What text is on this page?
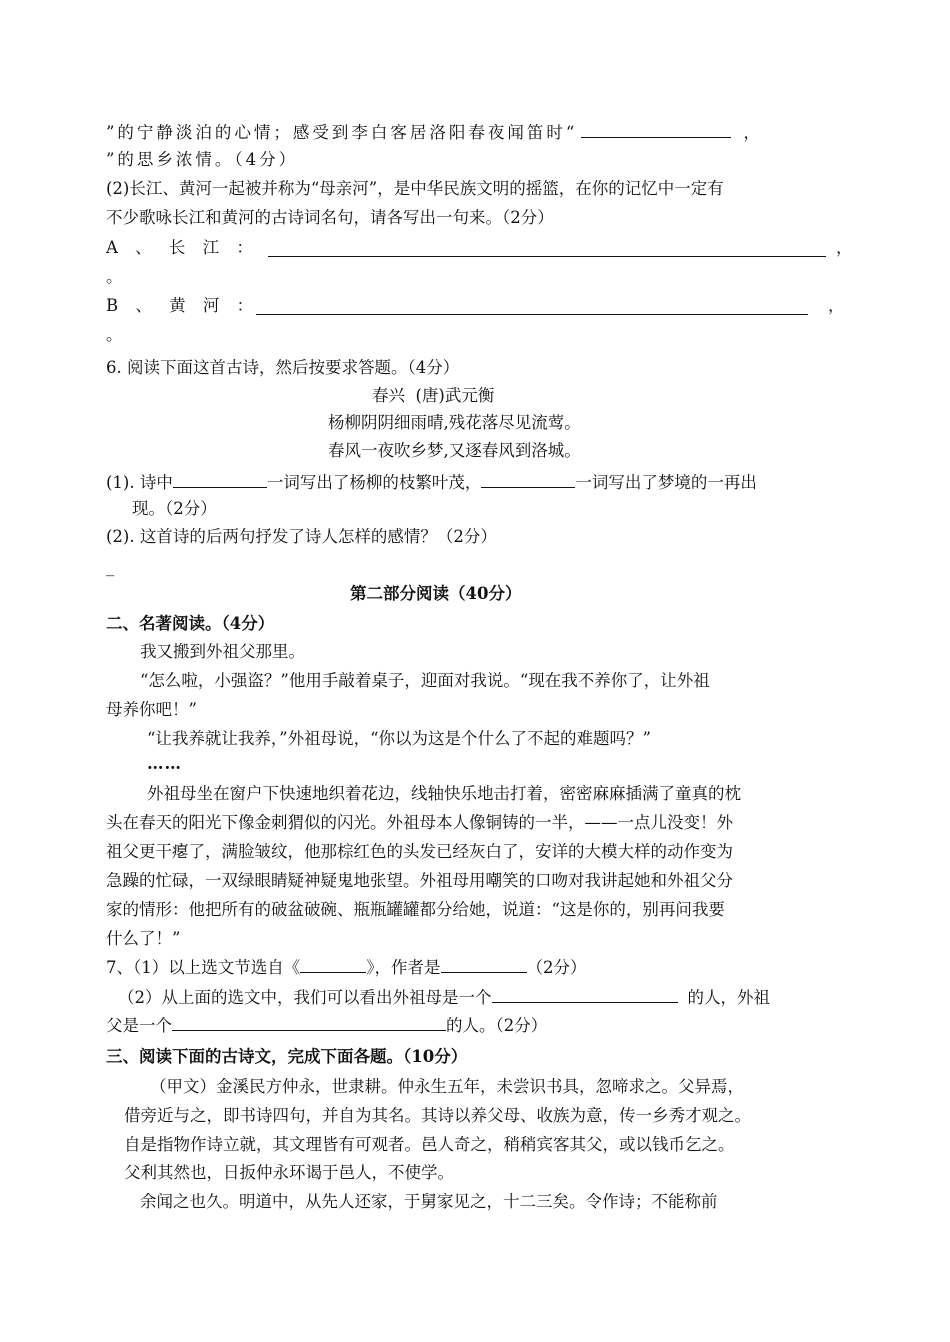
”的宁静淡泊的心情；感受到李白客居洛阳春夜闻笛时“	，
”的思乡浓情。（4分）
(2)长江、黄河一起被并称为“母亲河”，是中华民族文明的摇篮，在你的记忆中一定有
不少歌咏长江和黄河的古诗词名句，请各写出一句来。（2分）
A 、 长 江 ：	，
。
B 、 黄 河 ：	，
。
6. 阅读下面这首古诗，然后按要求答题。（4分）
春兴  (唐)武元衡
杨柳阴阴细雨晴,残花落尽见流莺。
春风一夜吹乡梦,又逐春风到洛城。
(1). 诗中	一词写出了杨柳的枝繁叶茂，	一词写出了梦境的一再出
现。（2分）
(2). 这首诗的后两句抒发了诗人怎样的感情？（2分）
_
第二部分阅读（40分）
二、名著阅读。（4分）
我又搬到外祖父那里。
“怎么啦，小强盗？”他用手敲着桌子，迎面对我说。“现在我不养你了，让外祖
母养你吧！”
“让我养就让我养，”外祖母说，“你以为这是个什么了不起的难题吗？”
……
外祖母坐在窗户下快速地织着花边，线轴快乐地击打着，密密麻麻插满了童真的枕
头在春天的阳光下像金刺猬似的闪光。外祖母本人像铜铸的一半，——一点儿没变！外
祖父更干瘪了，满脸皱纹，他那棕红色的头发已经灰白了，安详的大模大样的动作变为
急躁的忙碌，一双绿眼睛疑神疑鬼地张望。外祖母用嘲笑的口吻对我讲起她和外祖父分
家的情形：他把所有的破盆破碗、瓶瓶罐罐都分给她，说道：“这是你的，别再问我要
什么了！”
7、（1）以上选文节选自《	》，作者是	（2分）
（2）从上面的选文中，我们可以看出外祖母是一个	的人，外祖
父是一个	的人。（2分）
三、阅读下面的古诗文，完成下面各题。（10分）
（甲文）金溪民方仲永，世隶耕。仲永生五年，未尝识书具，忽啼求之。父异焉，
借旁近与之，即书诗四句，并自为其名。其诗以养父母、收族为意，传一乡秀才观之。
自是指物作诗立就，其文理皆有可观者。邑人奇之，稍稍宾客其父，或以钱币乞之。
父利其然也，日扳仲永环谒于邑人，不使学。
余闻之也久。明道中，从先人还家，于舅家见之，十二三矣。令作诗；不能称前
